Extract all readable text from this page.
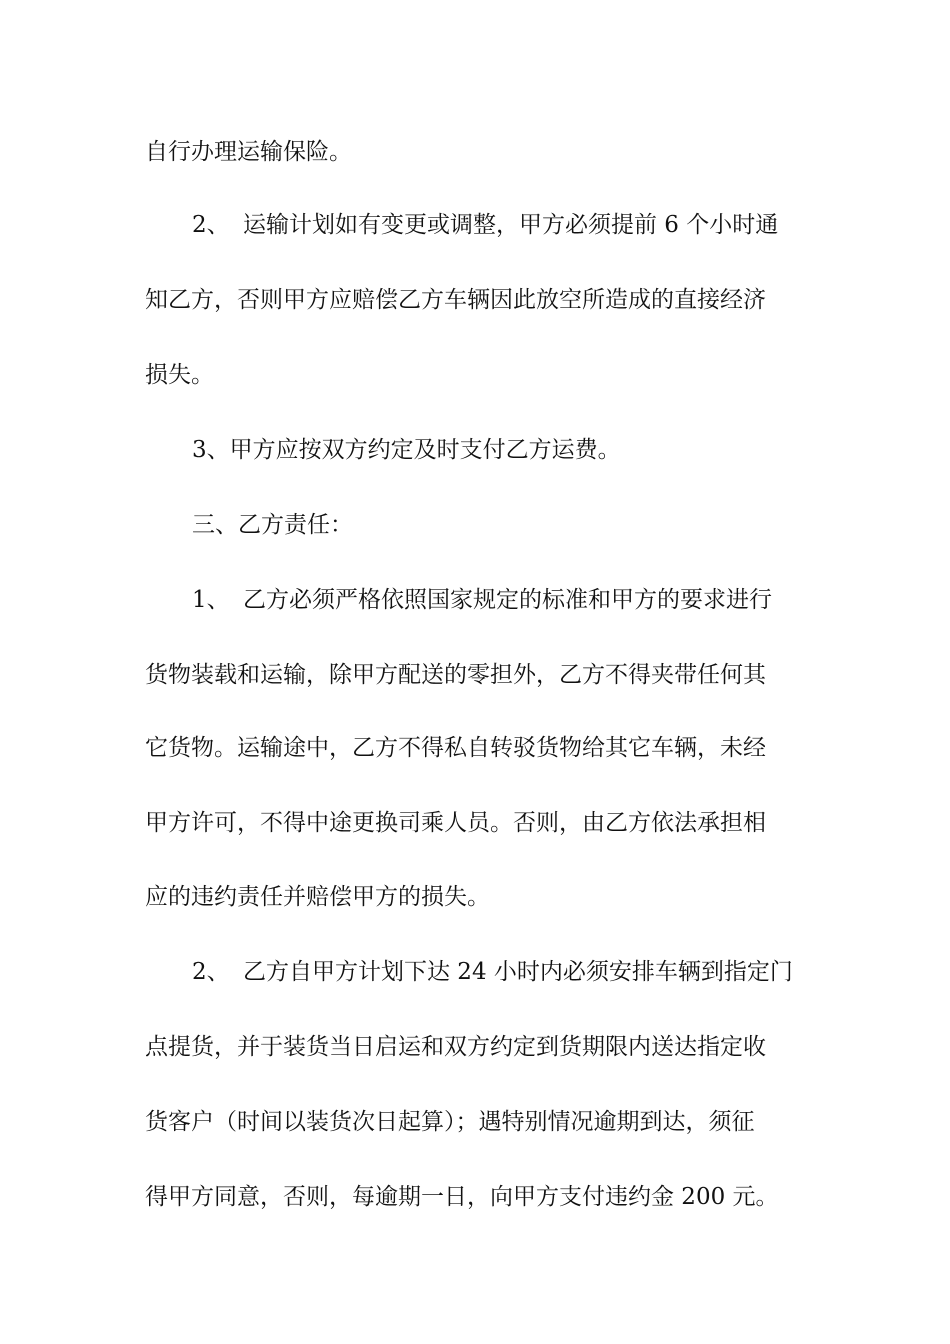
自行办理运输保险。
2、 运输计划如有变更或调整，甲方必须提前 6 个小时通
知乙方，否则甲方应赔偿乙方车辆因此放空所造成的直接经济
损失。
3、甲方应按双方约定及时支付乙方运费。
三、乙方责任：
1、 乙方必须严格依照国家规定的标准和甲方的要求进行
货物装载和运输，除甲方配送的零担外，乙方不得夹带任何其
它货物。运输途中，乙方不得私自转驳货物给其它车辆，未经
甲方许可，不得中途更换司乘人员。否则，由乙方依法承担相
应的违约责任并赔偿甲方的损失。
2、 乙方自甲方计划下达 24 小时内必须安排车辆到指定门
点提货，并于装货当日启运和双方约定到货期限内送达指定收
货客户（时间以装货次日起算）；遇特别情况逾期到达，须征
得甲方同意，否则，每逾期一日，向甲方支付违约金 200 元。
